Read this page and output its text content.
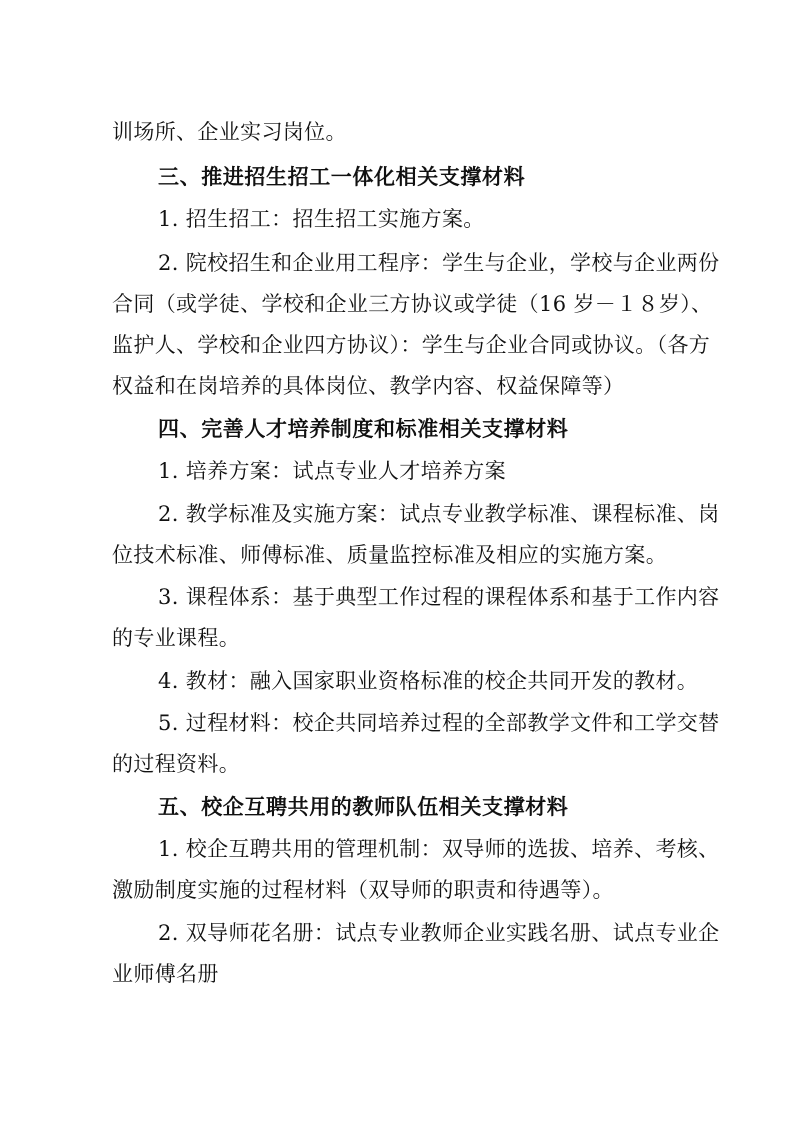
训场所、企业实习岗位。
三、推进招生招工一体化相关支撑材料
1. 招生招工：招生招工实施方案。
2. 院校招生和企业用工程序：学生与企业，学校与企业两份
合同（或学徒、学校和企业三方协议或学徒（16 岁－１８岁）、
监护人、学校和企业四方协议）：学生与企业合同或协议。（各方
权益和在岗培养的具体岗位、教学内容、权益保障等）
四、完善人才培养制度和标准相关支撑材料
1. 培养方案：试点专业人才培养方案
2. 教学标准及实施方案：试点专业教学标准、课程标准、岗
位技术标准、师傅标准、质量监控标准及相应的实施方案。
3. 课程体系：基于典型工作过程的课程体系和基于工作内容
的专业课程。
4. 教材：融入国家职业资格标准的校企共同开发的教材。
5. 过程材料：校企共同培养过程的全部教学文件和工学交替
的过程资料。
五、校企互聘共用的教师队伍相关支撑材料
1. 校企互聘共用的管理机制：双导师的选拔、培养、考核、
激励制度实施的过程材料（双导师的职责和待遇等）。
2. 双导师花名册：试点专业教师企业实践名册、试点专业企
业师傅名册
